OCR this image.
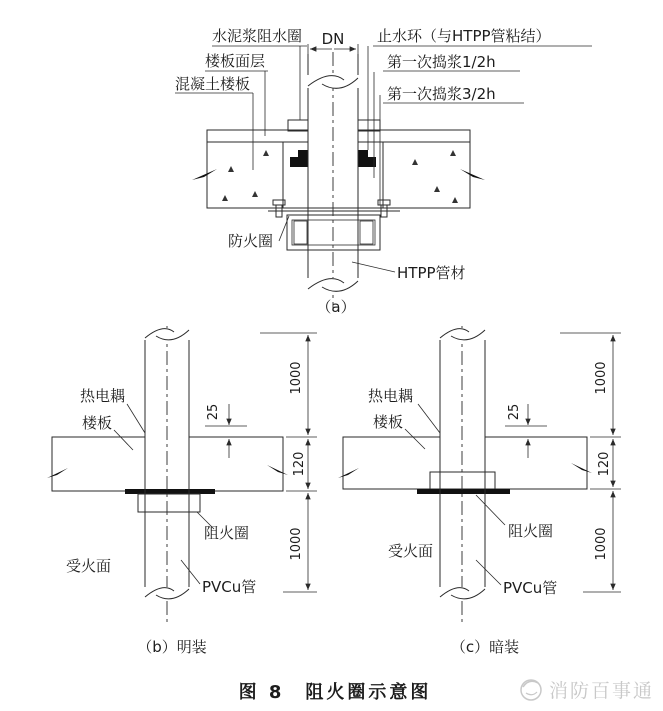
DN
水泥浆阻水圈
楼板面层
混凝土楼板
止水环（与HTPP管粘结）
第一次捣浆1/2h
第一次捣浆3/2h
防火圈
HTPP管材
（a）
1000
120
1000
25
热电耦
楼板
阻火圈
受火面
PVCu管
（b）明装
1000
120
1000
25
热电耦
楼板
阻火圈
受火面
PVCu管
（c）暗装
图 8　阻火圈示意图	消防百事通
